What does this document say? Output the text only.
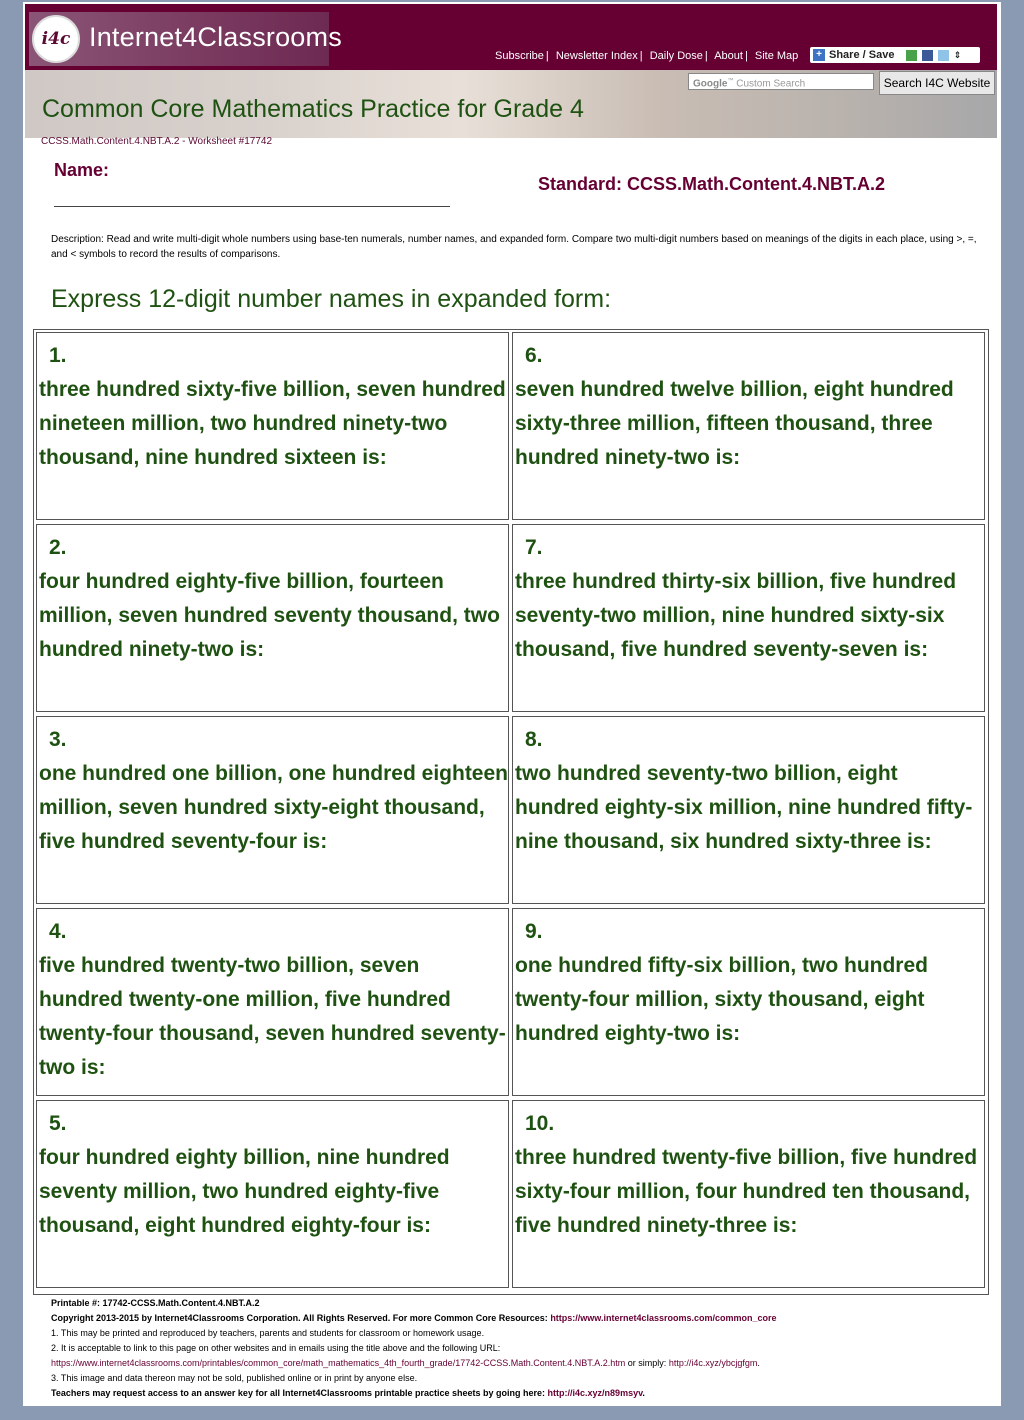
i4c Internet4Classrooms
Subscribe | Newsletter Index | Daily Dose | About | Site Map	+ Share / Save	⇕
Google™ Custom Search	Search I4C Website
Common Core Mathematics Practice for Grade 4
CCSS.Math.Content.4.NBT.A.2 - Worksheet #17742
Name:
Standard: CCSS.Math.Content.4.NBT.A.2
Description: Read and write multi-digit whole numbers using base-ten numerals, number names, and expanded form. Compare two multi-digit numbers based on meanings of the digits in each place, using >, =, and < symbols to record the results of comparisons.
Express 12-digit number names in expanded form:
1.
three hundred sixty-five billion, seven hundred nineteen million, two hundred ninety-two thousand, nine hundred sixteen is:
2.
four hundred eighty-five billion, fourteen million, seven hundred seventy thousand, two hundred ninety-two is:
3.
one hundred one billion, one hundred eighteen million, seven hundred sixty-eight thousand, five hundred seventy-four is:
4.
five hundred twenty-two billion, seven hundred twenty-one million, five hundred twenty-four thousand, seven hundred seventy-two is:
5.
four hundred eighty billion, nine hundred seventy million, two hundred eighty-five thousand, eight hundred eighty-four is:
6.
seven hundred twelve billion, eight hundred sixty-three million, fifteen thousand, three hundred ninety-two is:
7.
three hundred thirty-six billion, five hundred seventy-two million, nine hundred sixty-six thousand, five hundred seventy-seven is:
8.
two hundred seventy-two billion, eight hundred eighty-six million, nine hundred fifty-nine thousand, six hundred sixty-three is:
9.
one hundred fifty-six billion, two hundred twenty-four million, sixty thousand, eight hundred eighty-two is:
10.
three hundred twenty-five billion, five hundred sixty-four million, four hundred ten thousand, five hundred ninety-three is:
Printable #: 17742-CCSS.Math.Content.4.NBT.A.2
Copyright 2013-2015 by Internet4Classrooms Corporation. All Rights Reserved. For more Common Core Resources: https://www.internet4classrooms.com/common_core
1. This may be printed and reproduced by teachers, parents and students for classroom or homework usage.
2. It is acceptable to link to this page on other websites and in emails using the title above and the following URL:
https://www.internet4classrooms.com/printables/common_core/math_mathematics_4th_fourth_grade/17742-CCSS.Math.Content.4.NBT.A.2.htm or simply: http://i4c.xyz/ybcjgfgm.
3. This image and data thereon may not be sold, published online or in print by anyone else.
Teachers may request access to an answer key for all Internet4Classrooms printable practice sheets by going here: http://i4c.xyz/n89msyv.
